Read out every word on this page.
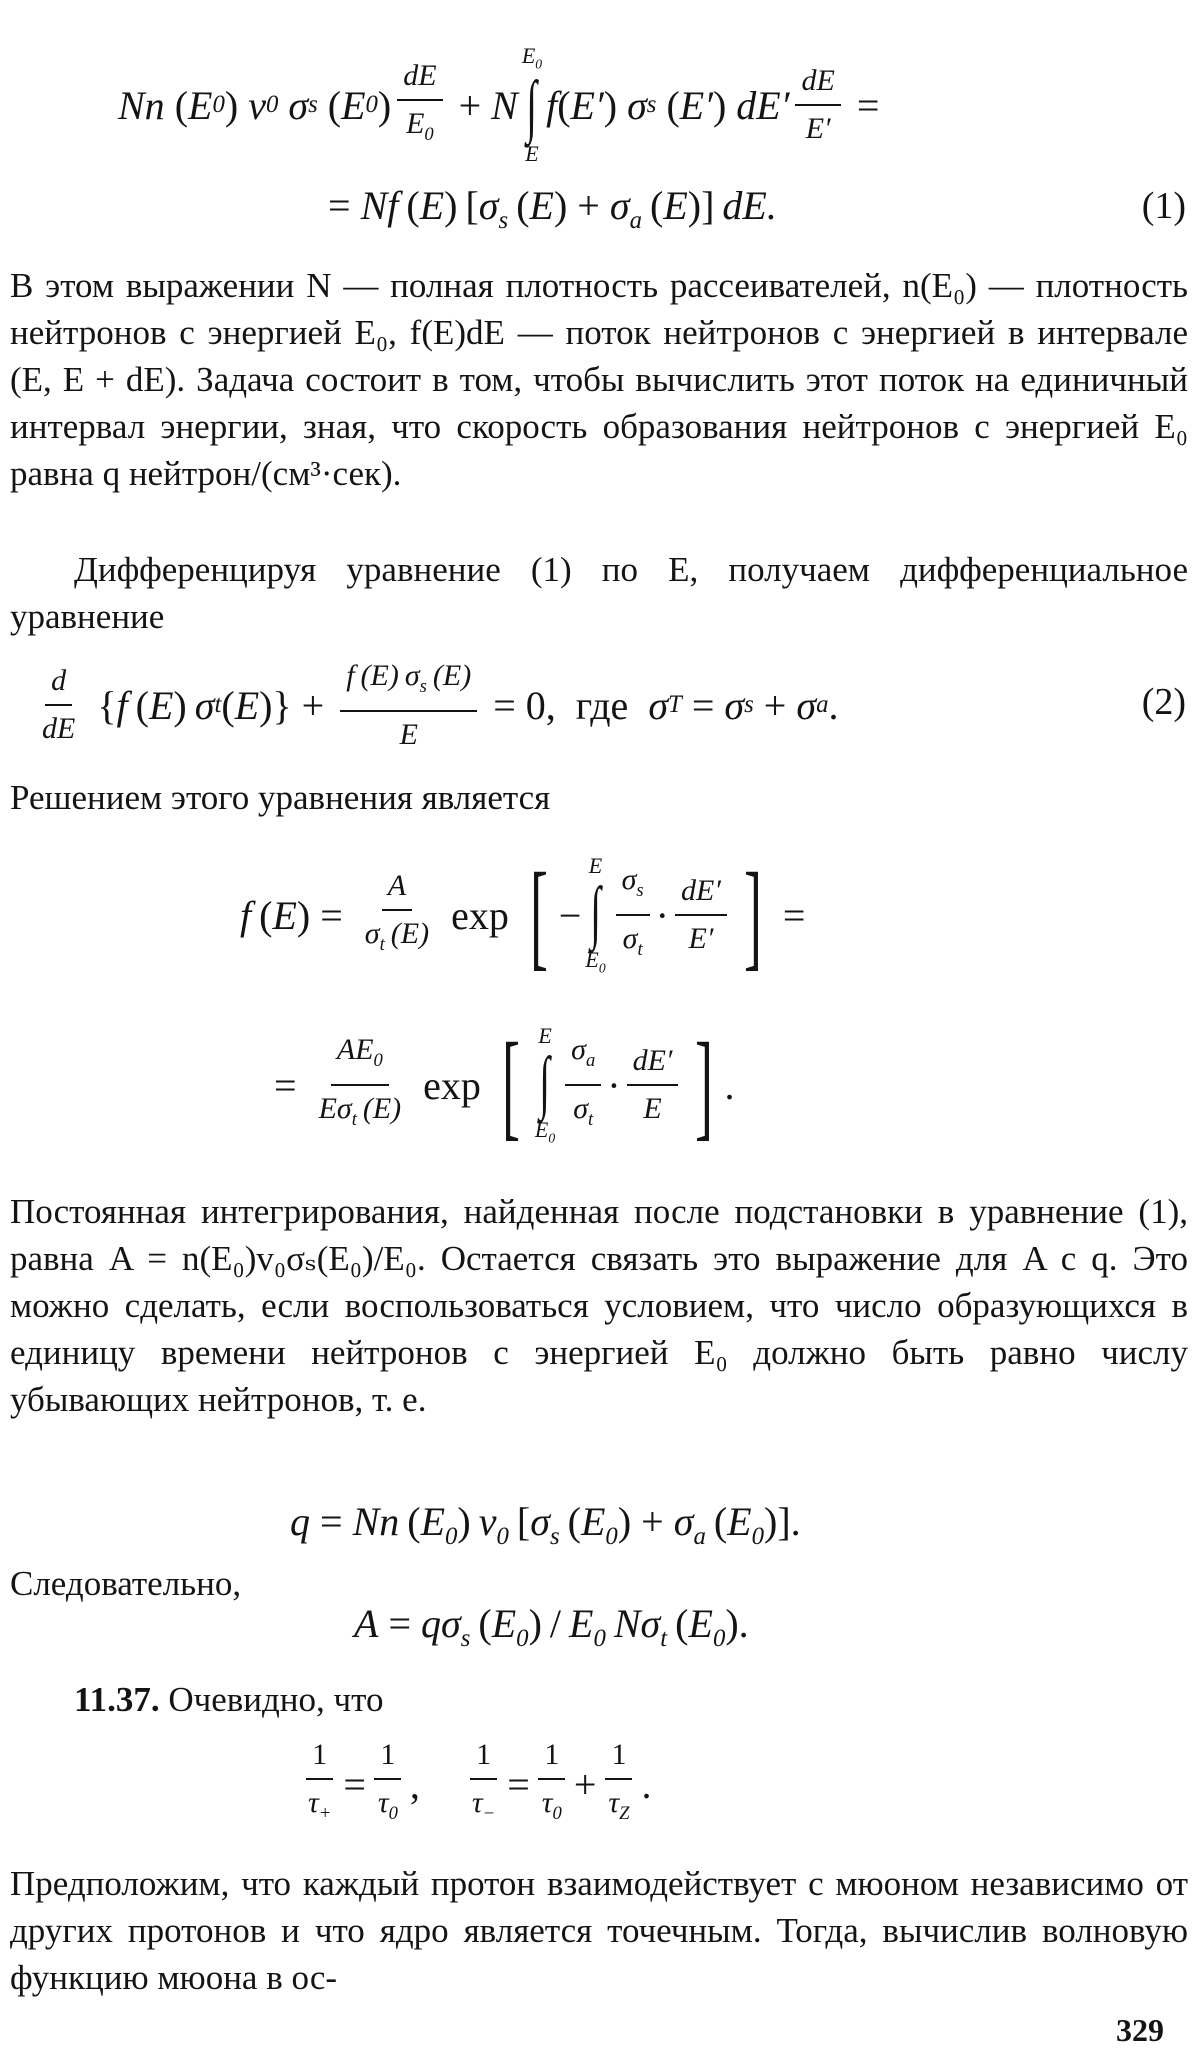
Nn
( E 0 ) v 0 σ s
( E 0 ) $\frac{dE}{E_0} + N$
$E_0$
∫
E
f ( E′ ) σ s
( E′ ) $dE' \frac{dE}{E'}$ =
= Nf (E) [$\sigma_s$  $(E) + \sigma_a$  (E)] dE.	(1)

В этом выражении N — полная плотность рассеивателей, n(E₀) — плотность нейтронов с энергией E₀, f(E)dE — поток нейтронов с энергией в интервале (E, E + dE). Задача состоит в том, чтобы вычислить этот поток на единичный интервал энергии, зная, что скорость образования нейтронов с энергией E₀ равна q нейтрон/(см³·сек).

Дифференцируя уравнение (1) по E, получаем дифференциальное уравнение

$\frac{d}{dE}$ { f  ( E )  σ t ( E )} + $\frac{f (E) \sigma_s (E)}{E} = 0$,  где σ T = σ s + σ a .	(2)

Решением этого уравнения является

f  ( E ) = $\frac{A}{\sigma_t (E)}$ exp [ −
E
∫
$E_0 \frac{\sigma_s}{\sigma_t} \cdot \frac{dE'}{E'}$ ] =
= $\frac{AE_0}{E\sigma_t (E)}$ exp [ E
∫
$E_0 \frac{\sigma_a}{\sigma_t} \cdot \frac{dE'}{E}$ ] .

Постоянная интегрирования, найденная после подстановки в уравнение (1), равна A = n(E₀)v₀σₛ(E₀)/E₀. Остается связать это выражение для A с q. Это можно сделать, если воспользоваться условием, что число образующихся в единицу времени нейтронов с энергией E₀ должно быть равно числу убывающих нейтронов, т. е.

q = Nn $(E_0)$ $v_0$ [$\sigma_s$ $(E_0) + \sigma_a$ $(E_0)$].

Следовательно,

$A = q\sigma_s$ $(E_0) / E_0$ $N\sigma_t$ $(E_0)$.

11.37. Очевидно, что

$\frac{1}{\tau_+} = \frac{1}{\tau_0}$ , $\frac{1}{\tau_-} = \frac{1}{\tau_0} + \frac{1}{\tau_Z}$ .

Предположим, что каждый протон взаимодействует с мюоном независимо от других протонов и что ядро является точечным. Тогда, вычислив волновую функцию мюона в ос-

329
